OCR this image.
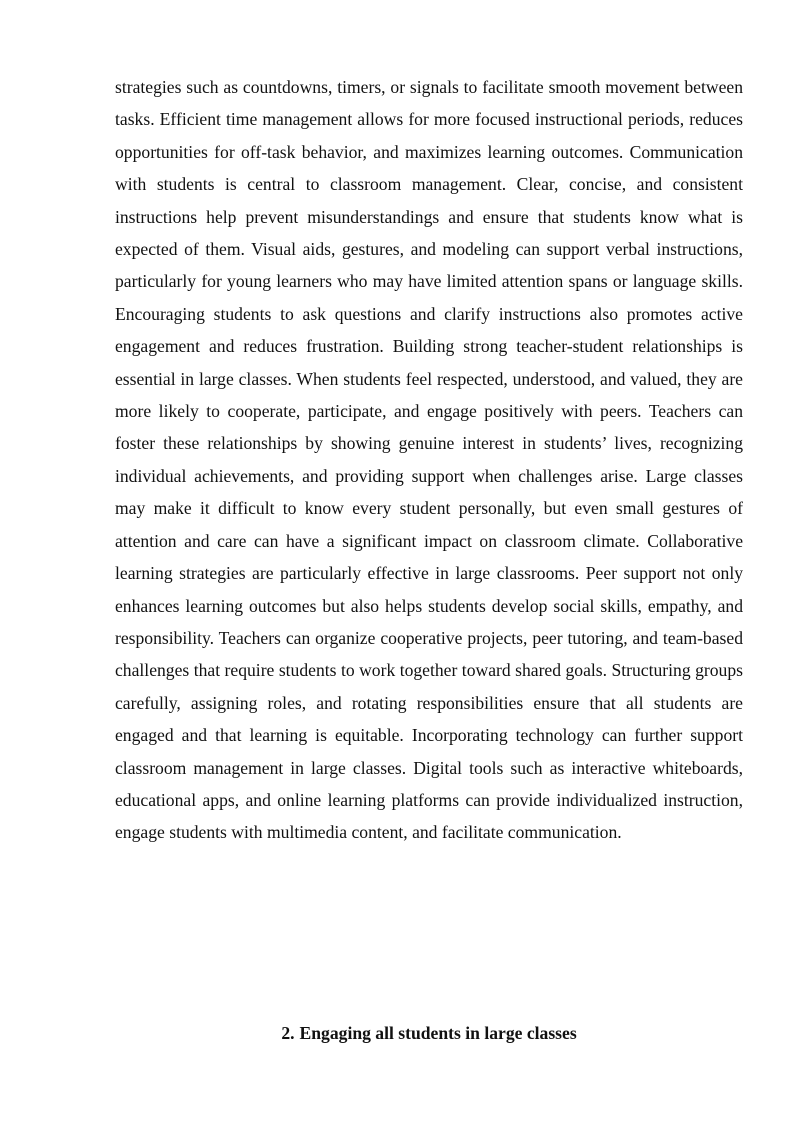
strategies such as countdowns, timers, or signals to facilitate smooth movement between tasks. Efficient time management allows for more focused instructional periods, reduces opportunities for off-task behavior, and maximizes learning outcomes. Communication with students is central to classroom management. Clear, concise, and consistent instructions help prevent misunderstandings and ensure that students know what is expected of them. Visual aids, gestures, and modeling can support verbal instructions, particularly for young learners who may have limited attention spans or language skills. Encouraging students to ask questions and clarify instructions also promotes active engagement and reduces frustration. Building strong teacher-student relationships is essential in large classes. When students feel respected, understood, and valued, they are more likely to cooperate, participate, and engage positively with peers. Teachers can foster these relationships by showing genuine interest in students’ lives, recognizing individual achievements, and providing support when challenges arise. Large classes may make it difficult to know every student personally, but even small gestures of attention and care can have a significant impact on classroom climate. Collaborative learning strategies are particularly effective in large classrooms. Peer support not only enhances learning outcomes but also helps students develop social skills, empathy, and responsibility. Teachers can organize cooperative projects, peer tutoring, and team-based challenges that require students to work together toward shared goals. Structuring groups carefully, assigning roles, and rotating responsibilities ensure that all students are engaged and that learning is equitable. Incorporating technology can further support classroom management in large classes. Digital tools such as interactive whiteboards, educational apps, and online learning platforms can provide individualized instruction, engage students with multimedia content, and facilitate communication.

2. Engaging all students in large classes
